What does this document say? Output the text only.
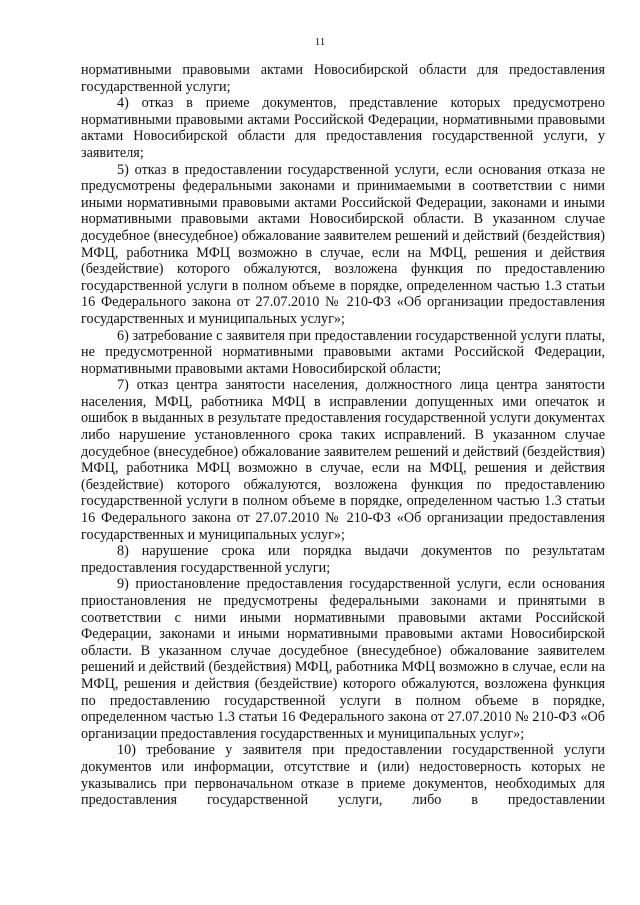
11

нормативными правовыми актами Новосибирской области для предоставления государственной услуги;

4) отказ в приеме документов, представление которых предусмотрено нормативными правовыми актами Российской Федерации, нормативными правовыми актами Новосибирской области для предоставления государственной услуги, у заявителя;

5) отказ в предоставлении государственной услуги, если основания отказа не предусмотрены федеральными законами и принимаемыми в соответствии с ними иными нормативными правовыми актами Российской Федерации, законами и иными нормативными правовыми актами Новосибирской области. В указанном случае досудебное (внесудебное) обжалование заявителем решений и действий (бездействия) МФЦ, работника МФЦ возможно в случае, если на МФЦ, решения и действия (бездействие) которого обжалуются, возложена функция по предоставлению государственной услуги в полном объеме в порядке, определенном частью 1.3 статьи 16 Федерального закона от 27.07.2010 № 210-ФЗ «Об организации предоставления государственных и муниципальных услуг»;

6) затребование с заявителя при предоставлении государственной услуги платы, не предусмотренной нормативными правовыми актами Российской Федерации, нормативными правовыми актами Новосибирской области;

7) отказ центра занятости населения, должностного лица центра занятости населения, МФЦ, работника МФЦ в исправлении допущенных ими опечаток и ошибок в выданных в результате предоставления государственной услуги документах либо нарушение установленного срока таких исправлений. В указанном случае досудебное (внесудебное) обжалование заявителем решений и действий (бездействия) МФЦ, работника МФЦ возможно в случае, если на МФЦ, решения и действия (бездействие) которого обжалуются, возложена функция по предоставлению государственной услуги в полном объеме в порядке, определенном частью 1.3 статьи 16 Федерального закона от 27.07.2010 № 210-ФЗ «Об организации предоставления государственных и муниципальных услуг»;

8) нарушение срока или порядка выдачи документов по результатам предоставления государственной услуги;

9) приостановление предоставления государственной услуги, если основания приостановления не предусмотрены федеральными законами и принятыми в соответствии с ними иными нормативными правовыми актами Российской Федерации, законами и иными нормативными правовыми актами Новосибирской области. В указанном случае досудебное (внесудебное) обжалование заявителем решений и действий (бездействия) МФЦ, работника МФЦ возможно в случае, если на МФЦ, решения и действия (бездействие) которого обжалуются, возложена функция по предоставлению государственной услуги в полном объеме в порядке, определенном частью 1.3 статьи 16 Федерального закона от 27.07.2010 № 210-ФЗ «Об организации предоставления государственных и муниципальных услуг»;

10) требование у заявителя при предоставлении государственной услуги документов или информации, отсутствие и (или) недостоверность которых не указывались при первоначальном отказе в приеме документов, необходимых для предоставления государственной услуги, либо в предоставлении
